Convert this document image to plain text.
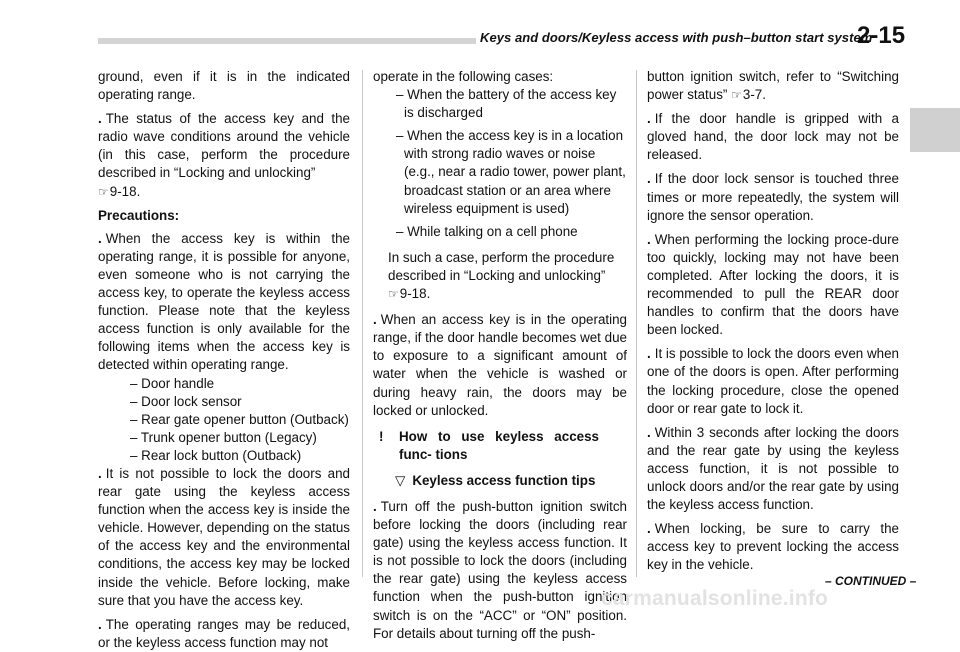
Keys and doors/Keyless access with push–button start system
2-15

ground, even if it is in the indicated operating range.

. The status of the access key and the radio wave conditions around the vehicle (in this case, perform the procedure described in “Locking and unlocking”
☞9-18.

Precautions:

. When the access key is within the operating range, it is possible for anyone, even someone who is not carrying the access key, to operate the keyless access function. Please note that the keyless access function is only available for the following items when the access key is detected within operating range.

– Door handle
– Door lock sensor
– Rear gate opener button (Outback)
– Trunk opener button (Legacy)
– Rear lock button (Outback)

. It is not possible to lock the doors and rear gate using the keyless access function when the access key is inside the vehicle. However, depending on the status of the access key and the environmental conditions, the access key may be locked inside the vehicle. Before locking, make sure that you have the access key.

. The operating ranges may be reduced, or the keyless access function may not

operate in the following cases:

– When the battery of the access key is discharged
– When the access key is in a location with strong radio waves or noise (e.g., near a radio tower, power plant, broadcast station or an area where wireless equipment is used)
– While talking on a cell phone

In such a case, perform the procedure described in “Locking and unlocking”
☞9-18.

. When an access key is in the operating range, if the door handle becomes wet due to exposure to a significant amount of water when the vehicle is washed or during heavy rain, the doors may be locked or unlocked.

!	How to use keyless access func- tions
▽ Keyless access function tips

. Turn off the push-button ignition switch before locking the doors (including rear gate) using the keyless access function. It is not possible to lock the doors (including the rear gate) using the keyless access function when the push-button ignition switch is on the “ACC” or “ON” position. For details about turning off the push-

button ignition switch, refer to “Switching power status” ☞3-7.

. If the door handle is gripped with a gloved hand, the door lock may not be released.

. If the door lock sensor is touched three times or more repeatedly, the system will ignore the sensor operation.

. When performing the locking proce-dure too quickly, locking may not have been completed. After locking the doors, it is recommended to pull the REAR door handles to confirm that the doors have been locked.

. It is possible to lock the doors even when one of the doors is open. After performing the locking procedure, close the opened door or rear gate to lock it.

. Within 3 seconds after locking the doors and the rear gate by using the keyless access function, it is not possible to unlock doors and/or the rear gate by using the keyless access function.

. When locking, be sure to carry the access key to prevent locking the access key in the vehicle.

– CONTINUED –
carmanualsonline.info
